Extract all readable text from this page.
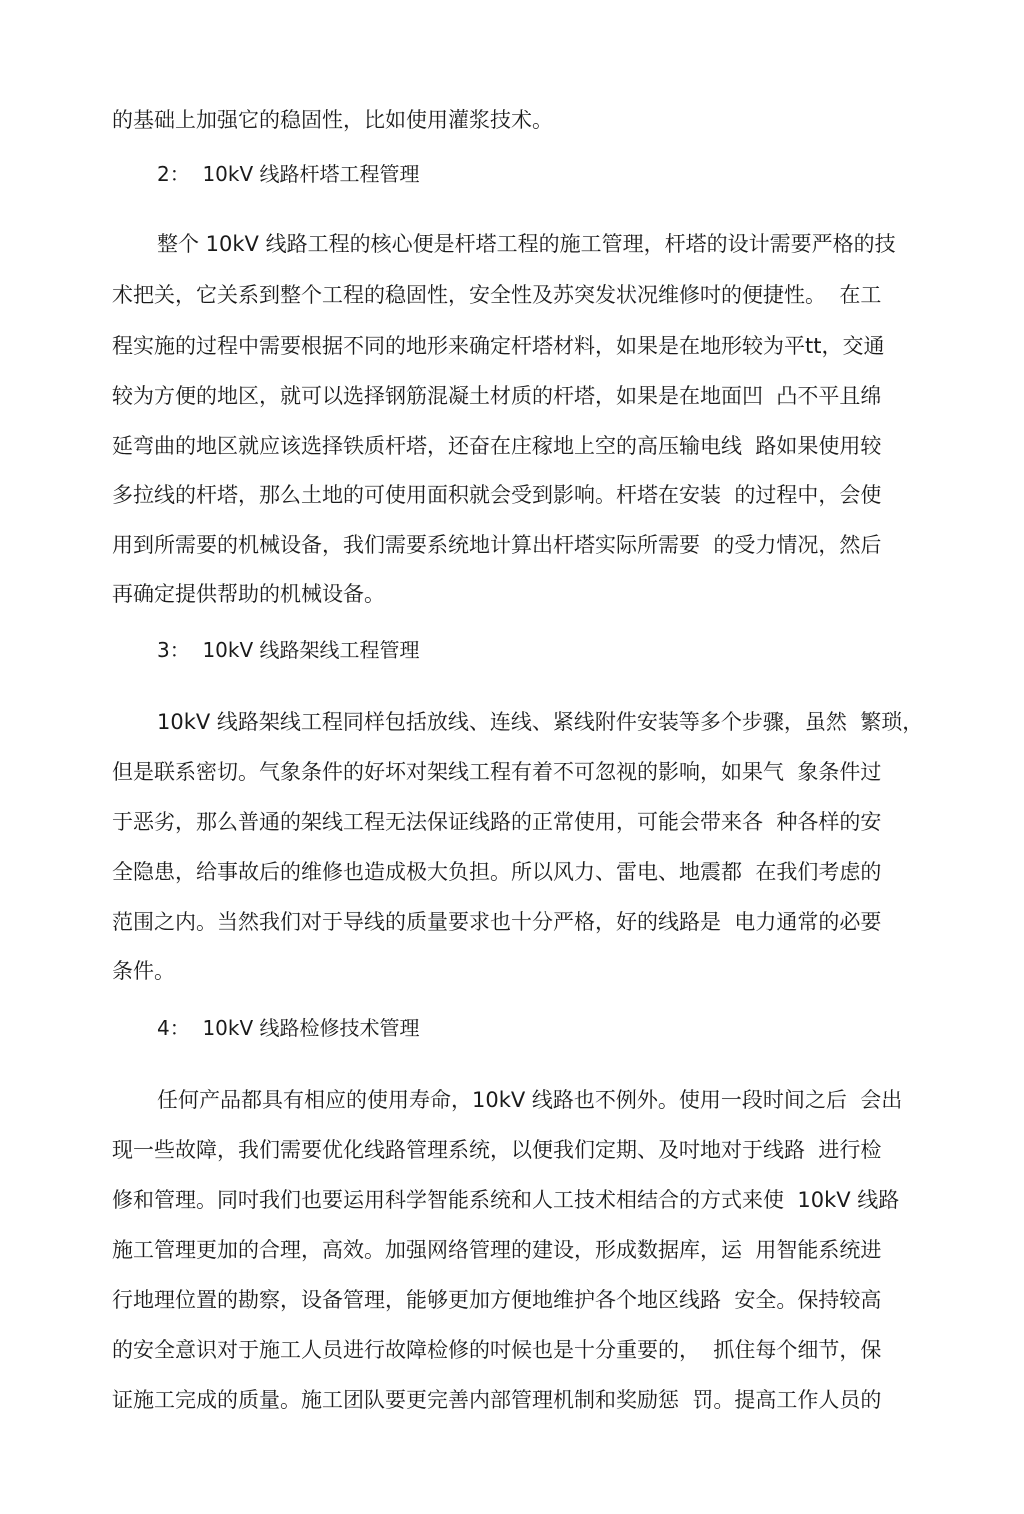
的基础上加强它的稳固性，比如使用灌浆技术。
2：  10kV 线路杆塔工程管理
整个 10kV 线路工程的核心便是杆塔工程的施工管理，杆塔的设计需要严格的技
术把关，它关系到整个工程的稳固性，安全性及苏突发状况维修吋的便捷性。  在工
程实施的过程中需要根据不同的地形来确定杆塔材料，如果是在地形较为平tt，交通
较为方便的地区，就可以选择钢筋混凝土材质的杆塔，如果是在地面凹  凸不平且绵
延弯曲的地区就应该选择铁质杆塔，还奋在庄稼地上空的高压输电线  路如果使用较
多拉线的杆塔，那么土地的可使用面积就会受到影响。杆塔在安装  的过程中，会使
用到所需要的机械设备，我们需要系统地计算出杆塔实际所需要  的受力情况，然后
再确定提供帮助的机械设备。
3：  10kV 线路架线工程管理
10kV 线路架线工程同样包括放线、连线、紧线附件安装等多个步骤，虽然  繁琐，
但是联系密切。气象条件的好坏对架线工程有着不可忽视的影响，如果气  象条件过
于恶劣，那么普通的架线工程无法保证线路的正常使用，可能会带来各  种各样的安
全隐患，给事故后的维修也造成极大负担。所以风力、雷电、地震都  在我们考虑的
范围之内。当然我们对于导线的质量要求也十分严格，好的线路是  电力通常的必要
条件。
4：  10kV 线路检修技术管理
任何产品都具有相应的使用寿命，10kV 线路也不例外。使用一段时间之后  会出
现一些故障，我们需要优化线路管理系统，以便我们定期、及吋地对于线路  进行检
修和管理。同吋我们也要运用科学智能系统和人工技术相结合的方式来使  10kV 线路
施工管理更加的合理，高效。加强网络管理的建设，形成数据库，运  用智能系统进
行地理位置的勘察，设备管理，能够更加方便地维护各个地区线路  安全。保持较高
的安全意识对于施工人员进行故障检修的吋候也是十分重要的，  抓住每个细节，保
证施工完成的质量。施工团队要更完善内部管理机制和奖励惩  罚。提高工作人员的
